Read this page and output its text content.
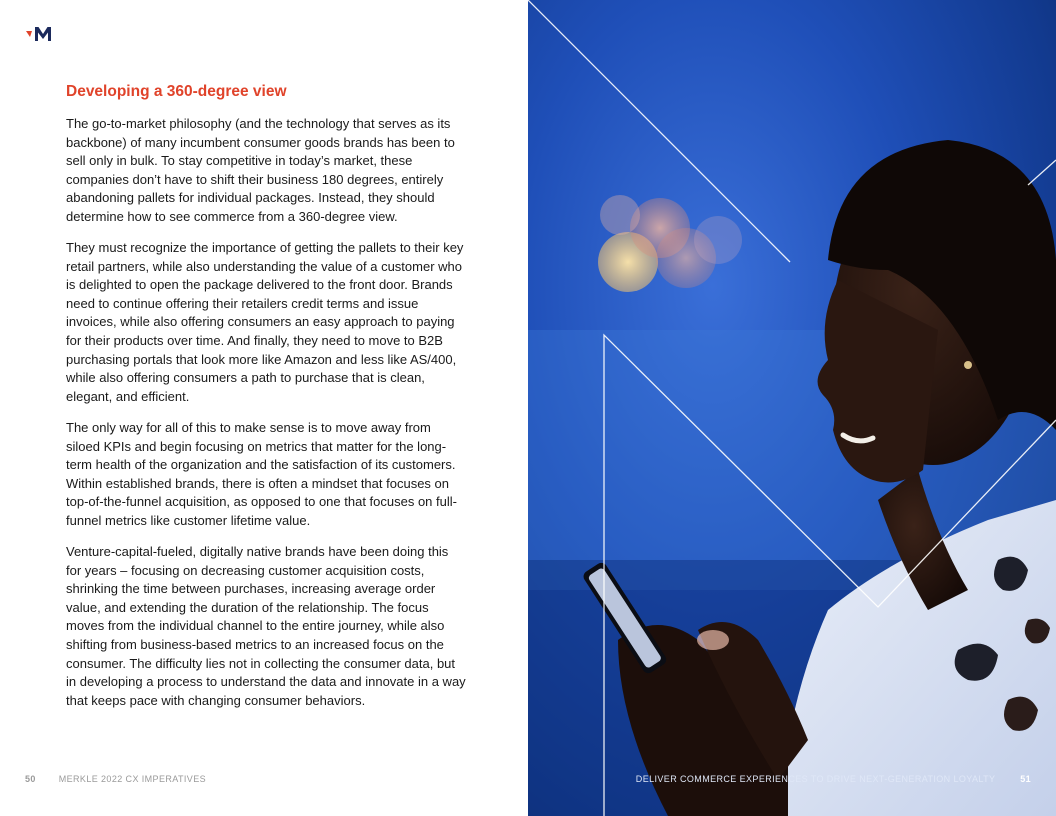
Developing a 360-degree view

The go-to-market philosophy (and the technology that serves as its backbone) of many incumbent consumer goods brands has been to sell only in bulk. To stay competitive in today’s market, these companies don’t have to shift their business 180 degrees, entirely abandoning pallets for individual packages. Instead, they should determine how to see commerce from a 360-degree view.

They must recognize the importance of getting the pallets to their key retail partners, while also understanding the value of a customer who is delighted to open the package delivered to the front door. Brands need to continue offering their retailers credit terms and issue invoices, while also offering consumers an easy approach to paying for their products over time. And finally, they need to move to B2B purchasing portals that look more like Amazon and less like AS/400, while also offering consumers a path to purchase that is clean, elegant, and efficient.

The only way for all of this to make sense is to move away from siloed KPIs and begin focusing on metrics that matter for the long-term health of the organization and the satisfaction of its customers. Within established brands, there is often a mindset that focuses on top-of-the-funnel acquisition, as opposed to one that focuses on full-funnel metrics like customer lifetime value.

Venture-capital-fueled, digitally native brands have been doing this for years – focusing on decreasing customer acquisition costs, shrinking the time between purchases, increasing average order value, and extending the duration of the relationship. The focus moves from the individual channel to the entire journey, while also shifting from business-based metrics to an increased focus on the consumer. The difficulty lies not in collecting the consumer data, but in developing a process to understand the data and innovate in a way that keeps pace with changing consumer behaviors.

50	MERKLE 2022 CX IMPERATIVES	DELIVER COMMERCE EXPERIENCES TO DRIVE NEXT-GENERATION LOYALTY	51
